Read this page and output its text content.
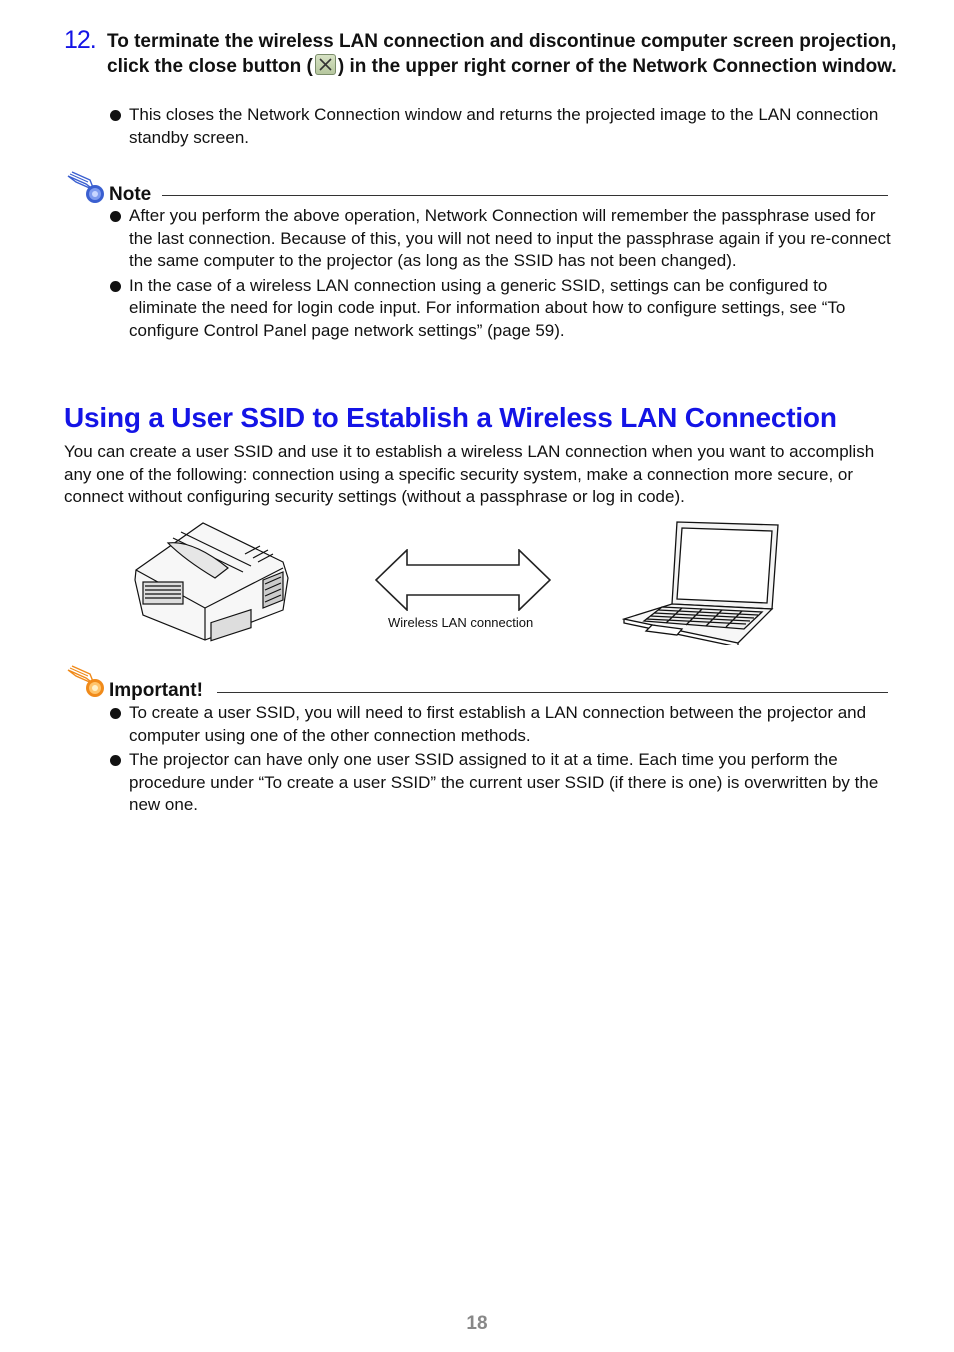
12. To terminate the wireless LAN connection and discontinue computer screen projection, click the close button ( ) in the upper right corner of the Network Connection window.
This closes the Network Connection window and returns the projected image to the LAN connection standby screen.
Note
After you perform the above operation, Network Connection will remember the passphrase used for the last connection. Because of this, you will not need to input the passphrase again if you re-connect the same computer to the projector (as long as the SSID has not been changed).
In the case of a wireless LAN connection using a generic SSID, settings can be configured to eliminate the need for login code input. For information about how to configure settings, see “To configure Control Panel page network settings” (page 59).
Using a User SSID to Establish a Wireless LAN Connection
You can create a user SSID and use it to establish a wireless LAN connection when you want to accomplish any one of the following: connection using a specific security system, make a connection more secure, or connect without configuring security settings (without a passphrase or log in code).
Wireless LAN connection
Important!
To create a user SSID, you will need to first establish a LAN connection between the projector and computer using one of the other connection methods.
The projector can have only one user SSID assigned to it at a time. Each time you perform the procedure under “To create a user SSID” the current user SSID (if there is one) is overwritten by the new one.
18
